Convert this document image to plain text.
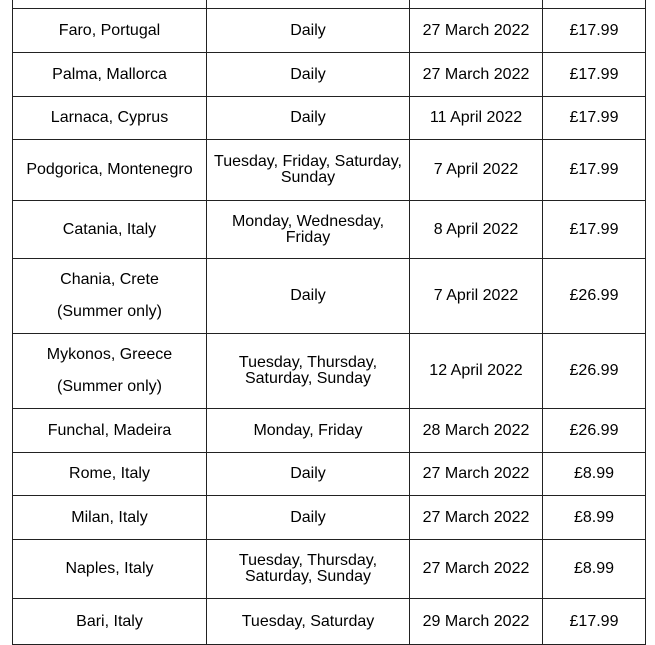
Faro, Portugal	Daily	27 March 2022	£17.99

Palma, Mallorca	Daily	27 March 2022	£17.99

Larnaca, Cyprus	Daily	11 April 2022	£17.99

Podgorica, Montenegro	Tuesday, Friday, Saturday, Sunday	7 April 2022	£17.99

Catania, Italy	Monday, Wednesday, Friday	8 April 2022	£17.99

Chania, Crete
(Summer only)	Daily	7 April 2022	£26.99

Mykonos, Greece
(Summer only)	Tuesday, Thursday, Saturday, Sunday	12 April 2022	£26.99

Funchal, Madeira	Monday, Friday	28 March 2022	£26.99

Rome, Italy	Daily	27 March 2022	£8.99

Milan, Italy	Daily	27 March 2022	£8.99

Naples, Italy	Tuesday, Thursday, Saturday, Sunday	27 March 2022	£8.99

Bari, Italy	Tuesday, Saturday	29 March 2022	£17.99
